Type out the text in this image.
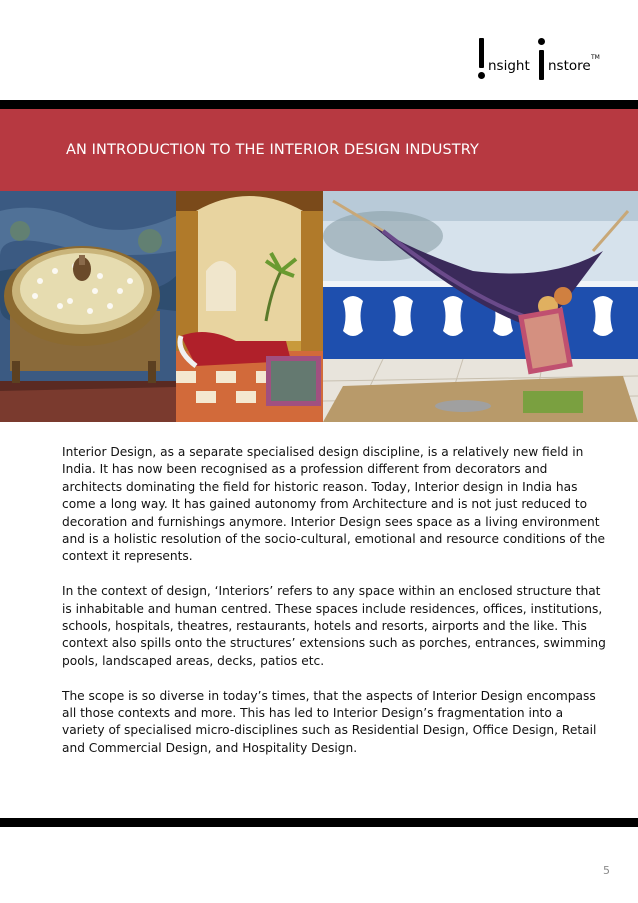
nsight nstore
TM
AN INTRODUCTION TO THE INTERIOR DESIGN INDUSTRY

Interior Design, as a separate specialised design discipline, is a relatively new field in India. It has now been recognised as a profession different from decorators and architects dominating the field for historic reason. Today, Interior design in India has come a long way. It has gained autonomy from Architecture and is not just reduced to decoration and furnishings anymore. Interior Design sees space as a living environment and is a holistic resolution of the socio-cultural, emotional and resource conditions of the context it represents.

In the context of design, ‘Interiors’ refers to any space within an enclosed structure that is inhabitable and human centred. These spaces include residences, offices, institutions, schools, hospitals, theatres, restaurants, hotels and resorts, airports and the like. This context also spills onto the structures’ extensions such as porches, entrances, swimming pools, landscaped areas, decks, patios etc.

The scope is so diverse in today’s times, that the aspects of Interior Design encompass all those contexts and more. This has led to Interior Design’s fragmentation into a variety of specialised micro-disciplines such as Residential Design, Office Design, Retail and Commercial Design, and Hospitality Design.

5
